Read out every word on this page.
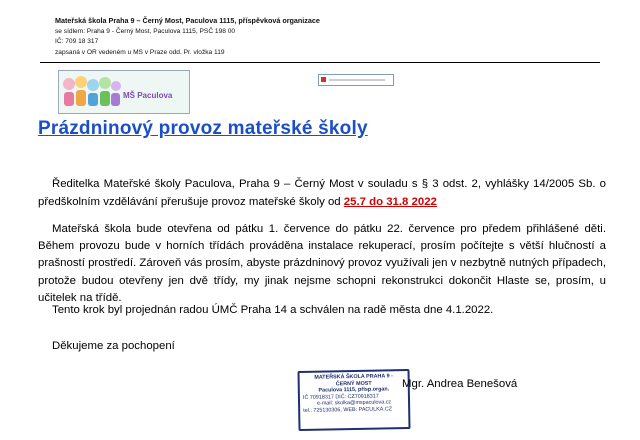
Mateřská škola Praha 9 – Černý Most, Paculova 1115, příspěvková organizace
se sídlem: Praha 9 - Černý Most, Paculova 1115, PSČ 198 00
IČ: 709 18 317
zapsaná v OR vedeném u MS v Praze odd. Pr. vložka 119
MŠ Paculova
Prázdninový provoz mateřské školy
Ředitelka Mateřské školy Paculova, Praha 9 – Černý Most v souladu s § 3 odst. 2, vyhlášky 14/2005 Sb. o předškolním vzdělávání přerušuje provoz mateřské školy od 25.7 do 31.8 2022
Mateřská škola bude otevřena od pátku 1. července do pátku 22. července pro předem přihlášené děti. Během provozu bude v horních třídách prováděna instalace rekuperací, prosím počítejte s větší hlučností a prašností prostředí. Zároveň vás prosím, abyste prázdninový provoz využívali jen v nezbytně nutných případech, protože budou otevřeny jen dvě třídy, my jinak nejsme schopni rekonstrukci dokončit Hlaste se, prosím, u učitelek na třídě.
Tento krok byl projednán radou ÚMČ Praha 14 a schválen na radě města dne 4.1.2022.
Děkujeme za pochopení
MATEŘSKÁ ŠKOLA PRAHA 9 -
ČERNÝ MOST
Paculova 1115, přísp.organ.
IČ 70918317 DIČ: CZ70918317
e-mail: skolka@mspaculova.cz
tel.: 725130306, WEB: PACULKA.CZ
Mgr. Andrea Benešová
